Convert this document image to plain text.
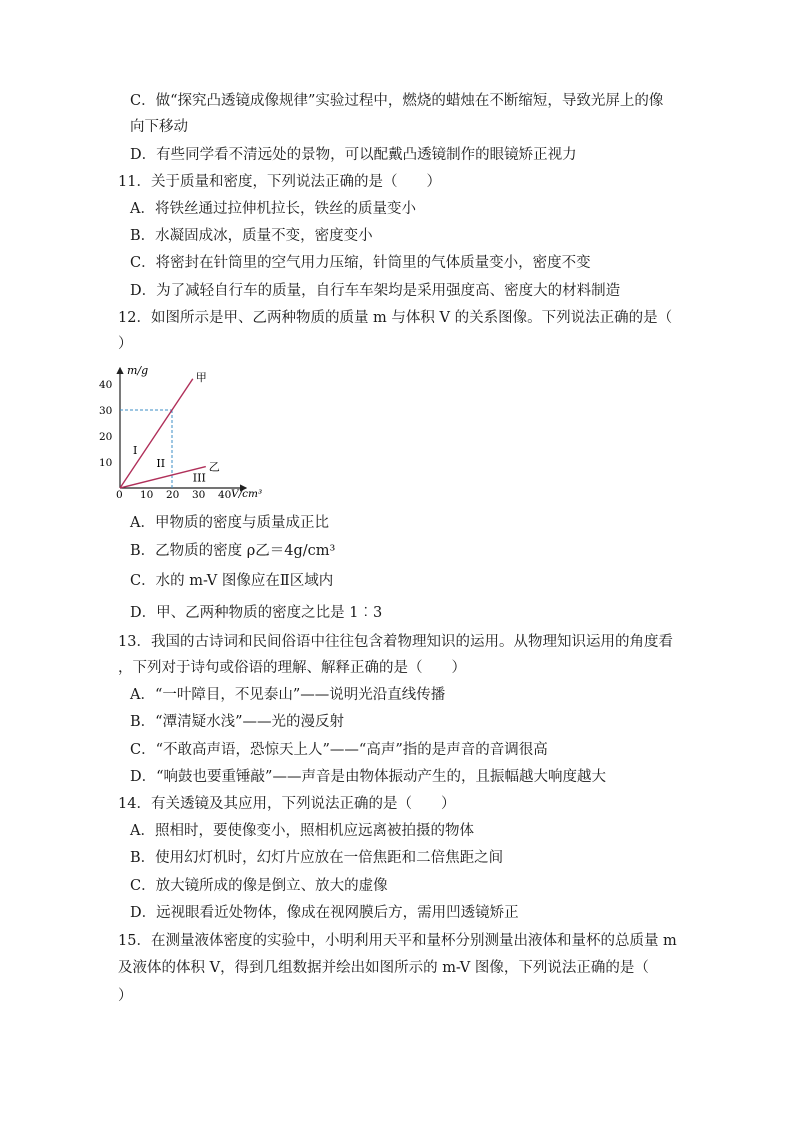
C．做“探究凸透镜成像规律”实验过程中，燃烧的蜡烛在不断缩短，导致光屏上的像
向下移动
D．有些同学看不清远处的景物，可以配戴凸透镜制作的眼镜矫正视力
11．关于质量和密度，下列说法正确的是（　　）
A．将铁丝通过拉伸机拉长，铁丝的质量变小
B．水凝固成冰，质量不变，密度变小
C．将密封在针筒里的空气用力压缩，针筒里的气体质量变小，密度不变
D．为了减轻自行车的质量，自行车车架均是采用强度高、密度大的材料制造
12．如图所示是甲、乙两种物质的质量 m 与体积 V 的关系图像。下列说法正确的是（
）
m/g
V/cm³
0 10 20 30 40
10
20
30
40
甲
乙
I
II
III
A．甲物质的密度与质量成正比
B．乙物质的密度 ρ乙＝4g/cm³
C．水的 m-V 图像应在Ⅱ区域内
D．甲、乙两种物质的密度之比是 1︰3
13．我国的古诗词和民间俗语中往往包含着物理知识的运用。从物理知识运用的角度看
，下列对于诗句或俗语的理解、解释正确的是（　　）
A．“一叶障目，不见泰山”——说明光沿直线传播
B．“潭清疑水浅”——光的漫反射
C．“不敢高声语，恐惊天上人”——“高声”指的是声音的音调很高
D．“响鼓也要重锤敲”——声音是由物体振动产生的，且振幅越大响度越大
14．有关透镜及其应用，下列说法正确的是（　　）
A．照相时，要使像变小，照相机应远离被拍摄的物体
B．使用幻灯机时，幻灯片应放在一倍焦距和二倍焦距之间
C．放大镜所成的像是倒立、放大的虚像
D．远视眼看近处物体，像成在视网膜后方，需用凹透镜矫正
15．在测量液体密度的实验中，小明利用天平和量杯分别测量出液体和量杯的总质量 m
及液体的体积 V，得到几组数据并绘出如图所示的 m-V 图像，下列说法正确的是（
）
